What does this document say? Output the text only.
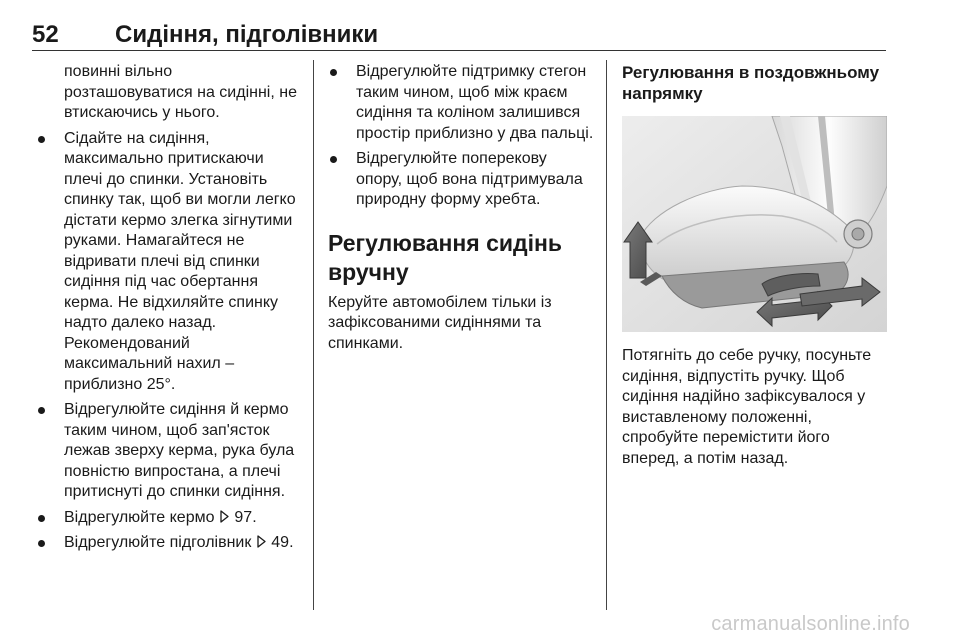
52 Сидіння, підголівники

повинні вільно розташовуватися на сидінні, не втискаючись у нього.

Сідайте на сидіння, максимально притискаючи плечі до спинки. Установіть спинку так, щоб ви могли легко дістати кермо злегка зігнутими руками. Намагайтеся не відривати плечі від спинки сидіння під час обертання керма. Не відхиляйте спинку надто далеко назад. Рекомендований максимальний нахил – приблизно 25°.
Відрегулюйте сидіння й кермо таким чином, щоб зап'ясток лежав зверху керма, рука була повністю випростана, а плечі притиснуті до спинки сидіння.
Відрегулюйте кермо 97.
Відрегулюйте підголівник 49.
Відрегулюйте підтримку стегон таким чином, щоб між краєм сидіння та коліном залишився простір приблизно у два пальці.
Відрегулюйте поперекову опору, щоб вона підтримувала природну форму хребта.
Регулювання сидінь вручну

Керуйте автомобілем тільки із зафіксованими сидіннями та спинками.

Регулювання в поздовжньому напрямку

Потягніть до себе ручку, посуньте сидіння, відпустіть ручку. Щоб сидіння надійно зафіксувалося у виставленому положенні, спробуйте перемістити його вперед, а потім назад.

carmanualsonline.info
